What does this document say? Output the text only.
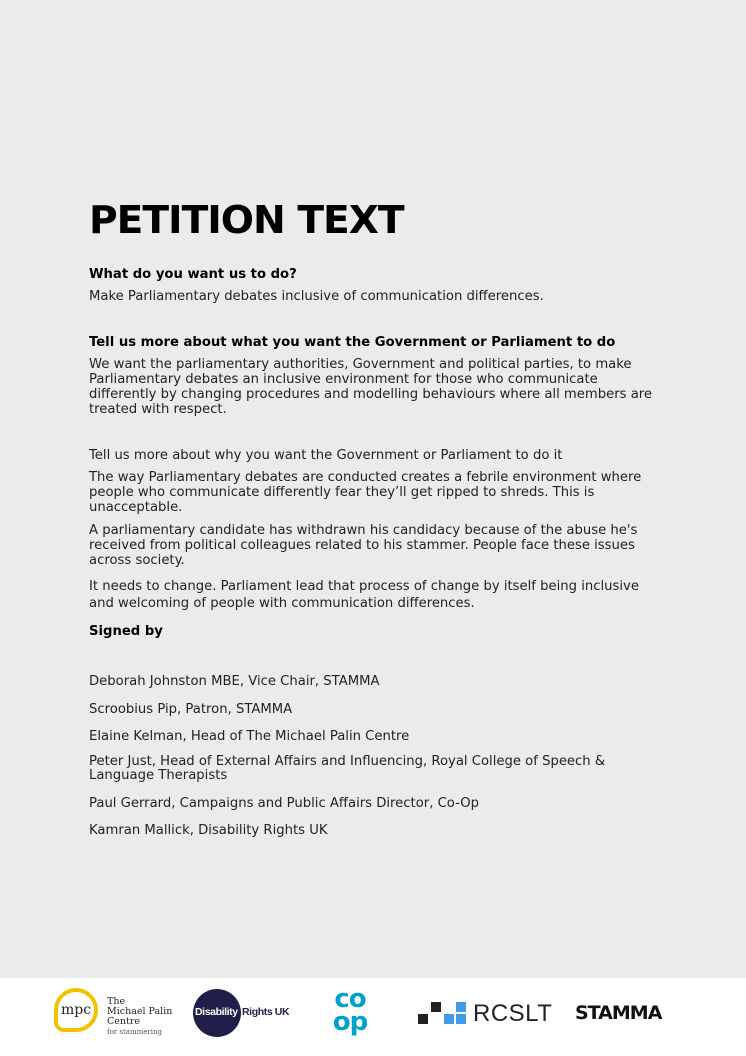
PETITION TEXT

What do you want us to do?

Make Parliamentary debates inclusive of communication differences.

Tell us more about what you want the Government or Parliament to do

We want the parliamentary authorities, Government and political parties, to make
Parliamentary debates an inclusive environment for those who communicate
differently by changing procedures and modelling behaviours where all members are
treated with respect.

Tell us more about why you want the Government or Parliament to do it

The way Parliamentary debates are conducted creates a febrile environment where
people who communicate differently fear they’ll get ripped to shreds. This is
unacceptable.
A parliamentary candidate has withdrawn his candidacy because of the abuse he's
received from political colleagues related to his stammer. People face these issues
across society.
It needs to change. Parliament lead that process of change by itself being inclusive
and welcoming of people with communication differences.

Signed by

Deborah Johnston MBE, Vice Chair, STAMMA
Scroobius Pip, Patron, STAMMA
Elaine Kelman, Head of The Michael Palin Centre
Peter Just, Head of External Affairs and Influencing, Royal College of Speech &
Language Therapists
Paul Gerrard, Campaigns and Public Affairs Director, Co-Op
Kamran Mallick, Disability Rights UK
mpc
The
Michael Palin
Centre
for stammering
Disability Rights UK	co
op	RCSLT STAMMA
